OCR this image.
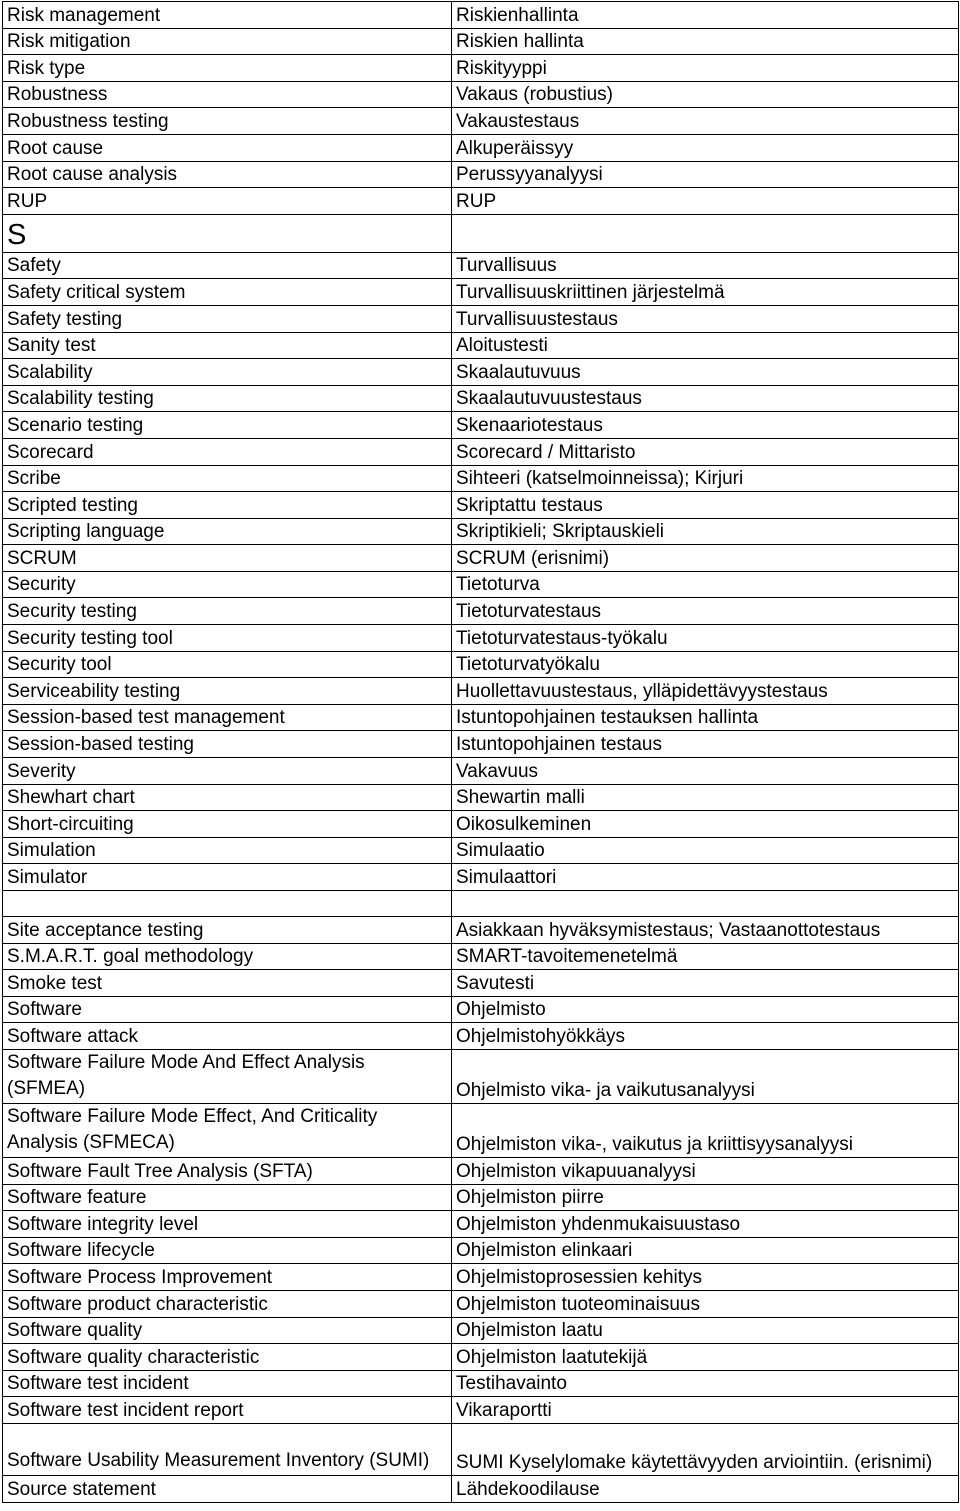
Risk management	Riskienhallinta
Risk mitigation	Riskien hallinta
Risk type	Riskityyppi
Robustness	Vakaus (robustius)
Robustness testing	Vakaustestaus
Root cause	Alkuperäissyy
Root cause analysis	Perussyyanalyysi
RUP	RUP
S	
Safety	Turvallisuus
Safety critical system	Turvallisuuskriittinen järjestelmä
Safety testing	Turvallisuustestaus
Sanity test	Aloitustesti
Scalability	Skaalautuvuus
Scalability testing	Skaalautuvuustestaus
Scenario testing	Skenaariotestaus
Scorecard	Scorecard / Mittaristo
Scribe	Sihteeri (katselmoinneissa); Kirjuri
Scripted testing	Skriptattu testaus
Scripting language	Skriptikieli; Skriptauskieli
SCRUM	SCRUM (erisnimi)
Security	Tietoturva
Security testing	Tietoturvatestaus
Security testing tool	Tietoturvatestaus-työkalu
Security tool	Tietoturvatyökalu
Serviceability testing	Huollettavuustestaus, ylläpidettävyystestaus
Session-based test management	Istuntopohjainen testauksen hallinta
Session-based testing	Istuntopohjainen testaus
Severity	Vakavuus
Shewhart chart	Shewartin malli
Short-circuiting	Oikosulkeminen
Simulation	Simulaatio
Simulator	Simulaattori

Site acceptance testing	Asiakkaan hyväksymistestaus; Vastaanottotestaus
S.M.A.R.T. goal methodology	SMART-tavoitemenetelmä
Smoke test	Savutesti
Software	Ohjelmisto
Software attack	Ohjelmistohyökkäys
Software Failure Mode And Effect Analysis (SFMEA)	Ohjelmisto vika- ja vaikutusanalyysi
Software Failure Mode Effect, And Criticality Analysis (SFMECA)	Ohjelmiston vika-, vaikutus ja kriittisyysanalyysi
Software Fault Tree Analysis (SFTA)	Ohjelmiston vikapuuanalyysi
Software feature	Ohjelmiston piirre
Software integrity level	Ohjelmiston yhdenmukaisuustaso
Software lifecycle	Ohjelmiston elinkaari
Software Process Improvement	Ohjelmistoprosessien kehitys
Software product characteristic	Ohjelmiston tuoteominaisuus
Software quality	Ohjelmiston laatu
Software quality characteristic	Ohjelmiston laatutekijä
Software test incident	Testihavainto
Software test incident report	Vikaraportti
Software Usability Measurement Inventory (SUMI)	SUMI Kyselylomake käytettävyyden arviointiin. (erisnimi)
Source statement	Lähdekoodilause
